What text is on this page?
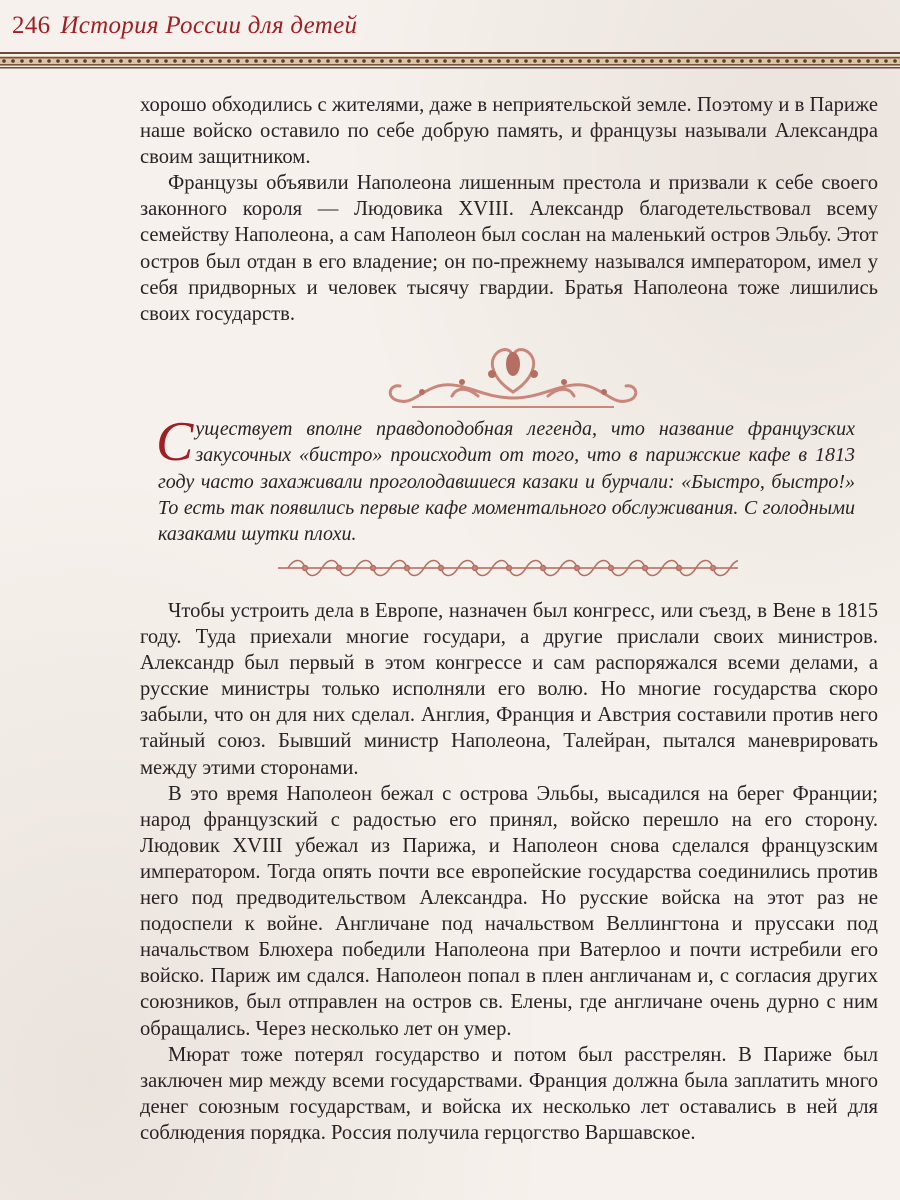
246 История России для детей

хорошо обходились с жителями, даже в неприятельской земле. Поэтому и в Париже наше войско оставило по себе добрую память, и французы называли Александра своим защитником.

Французы объявили Наполеона лишенным престола и призвали к себе своего законного короля — Людовика XVIII. Александр благодетельствовал всему семейству Наполеона, а сам Наполеон был сослан на маленький остров Эльбу. Этот остров был отдан в его владение; он по-прежнему назывался императором, имел у себя придворных и человек тысячу гвардии. Братья Наполеона тоже лишились своих государств.

Существует вполне правдоподобная легенда, что название французских закусочных «бистро» происходит от того, что в парижские кафе в 1813 году часто захаживали проголодавшиеся казаки и бурчали: «Быстро, быстро!» То есть так появились первые кафе моментального обслуживания. С голодными казаками шутки плохи.

Чтобы устроить дела в Европе, назначен был конгресс, или съезд, в Вене в 1815 году. Туда приехали многие государи, а другие прислали своих министров. Александр был первый в этом конгрессе и сам распоряжался всеми делами, а русские министры только исполняли его волю. Но многие государства скоро забыли, что он для них сделал. Англия, Франция и Австрия составили против него тайный союз. Бывший министр Наполеона, Талейран, пытался маневрировать между этими сторонами.

В это время Наполеон бежал с острова Эльбы, высадился на берег Франции; народ французский с радостью его принял, войско перешло на его сторону. Людовик XVIII убежал из Парижа, и Наполеон снова сделался французским императором. Тогда опять почти все европейские государства соединились против него под предводительством Александра. Но русские войска на этот раз не подоспели к войне. Англичане под начальством Веллингтона и пруссаки под начальством Блюхера победили Наполеона при Ватерлоо и почти истребили его войско. Париж им сдался. Наполеон попал в плен англичанам и, с согласия других союзников, был отправлен на остров св. Елены, где англичане очень дурно с ним обращались. Через несколько лет он умер.

Мюрат тоже потерял государство и потом был расстрелян. В Париже был заключен мир между всеми государствами. Франция должна была заплатить много денег союзным государствам, и войска их несколько лет оставались в ней для соблюдения порядка. Россия получила герцогство Варшавское.
